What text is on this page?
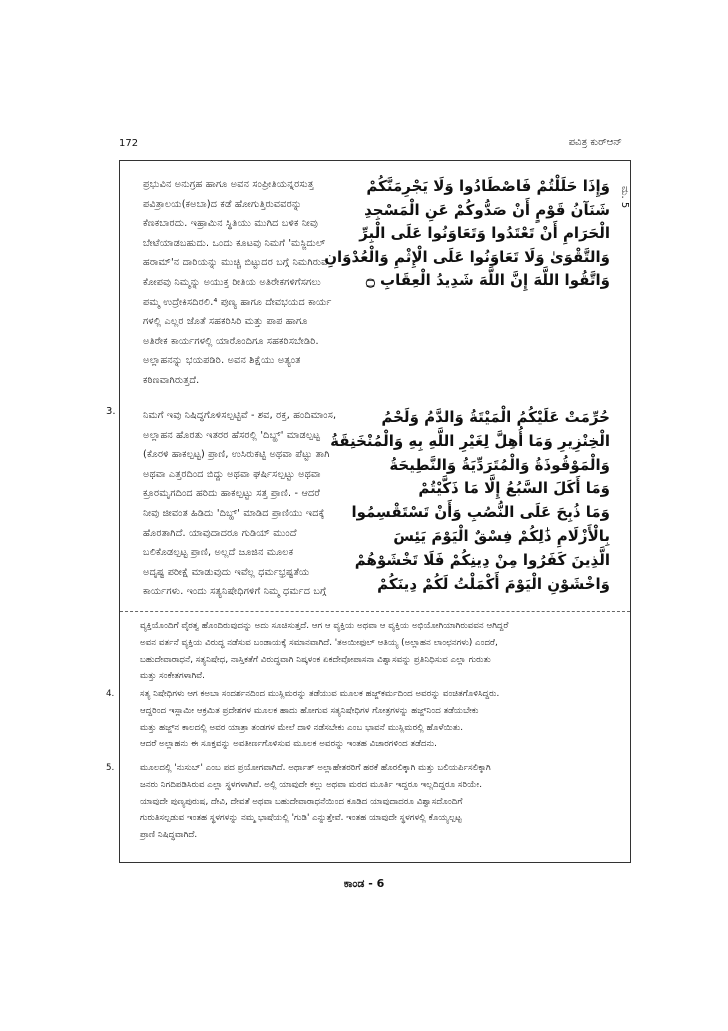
172	ಪವಿತ್ರ ಕುರ್‌ಆನ್
ಪ್ರಭುವಿನ ಅನುಗ್ರಹ ಹಾಗೂ ಅವನ ಸಂಪ್ರೀತಿಯನ್ನರಸುತ್ತ
ಪವಿತ್ರಾಲಯ(ಕಅಬಾ)ದ ಕಡೆ ಹೋಗುತ್ತಿರುವವರನ್ನು
ಕೆಣಕಬಾರದು. ಇಹ್ರಾಮಿನ ಸ್ಥಿತಿಯು ಮುಗಿದ ಬಳಿಕ ನೀವು
ಬೇಟೆಯಾಡಬಹುದು. ಒಂದು ಕೂಟವು ನಿಮಗೆ 'ಮಸ್ಜಿದುಲ್
ಹರಾಮ್'ನ ದಾರಿಯನ್ನು ಮುಚ್ಚಿ ಬಿಟ್ಟುದರ ಬಗ್ಗೆ ನಿಮಗಿರುವ
ಕೋಪವು ನಿಮ್ಮನ್ನು ಅಯುಕ್ತ ರೀತಿಯ ಅತಿರೇಕಗಳಿಗೆಸಗಲು
ಪಮ್ಮ ಉದ್ರೇಕಿಸದಿರಲಿ.⁴ ಪುಣ್ಯ ಹಾಗೂ ದೇವಭಯದ ಕಾರ್ಯ
ಗಳಲ್ಲಿ ಎಲ್ಲರ ಜೊತೆ ಸಹಕರಿಸಿರಿ ಮತ್ತು ಪಾಪ ಹಾಗೂ
ಅತಿರೇಕ ಕಾರ್ಯಗಳಲ್ಲಿ ಯಾರೊಂದಿಗೂ ಸಹಕರಿಸಬೇಡಿರಿ.
ಅಲ್ಲಾಹನನ್ನು ಭಯಪಡಿರಿ. ಅವನ ಶಿಕ್ಷೆಯು ಅತ್ಯಂತ
ಕಠಿಣವಾಗಿರುತ್ತದೆ.
وَإِذَا حَلَلْتُمْ فَاصْطَادُوا وَلَا يَجْرِمَنَّكُمْ
شَنَآنُ قَوْمٍ أَنْ صَدُّوكُمْ عَنِ الْمَسْجِدِ
الْحَرَامِ أَنْ تَعْتَدُوا وَتَعَاوَنُوا عَلَى الْبِرِّ
وَالتَّقْوَىٰ وَلَا تَعَاوَنُوا عَلَى الْإِثْمِ وَالْعُدْوَانِ
وَاتَّقُوا اللَّهَ إِنَّ اللَّهَ شَدِيدُ الْعِقَابِ ۝
ಮ. 5
3.	ನಿಮಗೆ ಇವು ನಿಷಿದ್ಧಗೊಳಿಸಲ್ಪಟ್ಟಿವೆ - ಶವ, ರಕ್ತ, ಹಂದಿಮಾಂಸ,
ಅಲ್ಲಾಹನ ಹೊರತು ಇತರರ ಹೆಸರಲ್ಲಿ 'ದಿಬ್ಹ್' ಮಾಡಲ್ಪಟ್ಟ
(ಕೊರಳಿ ಹಾಕಲ್ಪಟ್ಟ) ಪ್ರಾಣಿ, ಉಸಿರುಕಟ್ಟಿ ಅಥವಾ ಪೆಟ್ಟು ತಾಗಿ
ಅಥವಾ ಎತ್ತರದಿಂದ ಬಿದ್ದು ಅಥವಾ ಘರ್ಷಿಸಲ್ಪಟ್ಟು ಅಥವಾ
ಕ್ರೂರಮೃಗದಿಂದ ಹರಿದು ಹಾಕಲ್ಪಟ್ಟು ಸತ್ತ ಪ್ರಾಣಿ. - ಆದರೆ
ನೀವು ಜೀವಂತ ಹಿಡಿದು 'ದಿಬ್ಹ್' ಮಾಡಿದ ಪ್ರಾಣಿಯು ಇದಕ್ಕೆ
ಹೊರತಾಗಿದೆ. ಯಾವುದಾದರೂ ಗುಡಿಯ್ ಮುಂದೆ
ಬಲಿಕೊಡಲ್ಪಟ್ಟ ಪ್ರಾಣಿ, ಅಲ್ಲದೆ ಜೂಜಿನ ಮೂಲಕ
ಅದೃಷ್ಟ ಪರೀಕ್ಷೆ ಮಾಡುವುದು ಇವೆಲ್ಲ ಧರ್ಮಭ್ರಷ್ಟತೆಯ
ಕಾರ್ಯಗಳು. ಇಂದು ಸತ್ಯನಿಷೇಧಿಗಳಿಗೆ ನಿಮ್ಮ ಧರ್ಮದ ಬಗ್ಗೆ
حُرِّمَتْ عَلَيْكُمُ الْمَيْتَةُ وَالدَّمُ وَلَحْمُ
الْخِنْزِيرِ وَمَا أُهِلَّ لِغَيْرِ اللَّهِ بِهِ وَالْمُنْخَنِقَةُ
وَالْمَوْقُوذَةُ وَالْمُتَرَدِّيَةُ وَالنَّطِيحَةُ
وَمَا أَكَلَ السَّبُعُ إِلَّا مَا ذَكَّيْتُمْ
وَمَا ذُبِحَ عَلَى النُّصُبِ وَأَنْ تَسْتَقْسِمُوا
بِالْأَزْلَامِ ذَٰلِكُمْ فِسْقٌ الْيَوْمَ يَئِسَ
الَّذِينَ كَفَرُوا مِنْ دِينِكُمْ فَلَا تَخْشَوْهُمْ
وَاخْشَوْنِ الْيَوْمَ أَكْمَلْتُ لَكُمْ دِينَكُمْ
ವ್ಯಕ್ತಿಯೊಂದಿಗೆ ವೈರತ್ವ ಹೊಂದಿರುವುದನ್ನು ಅದು ಸೂಚಿಸುತ್ತದೆ. ಆಗ ಆ ವ್ಯಕ್ತಿಯ ಅಥವಾ ಆ ವ್ಯಕ್ತಿಯ ಅಭಿಯೋಗಿಯಾಗಿರುವವನ ಆಗಿದ್ದರೆ
ಅವನ ವರ್ತನೆ ವ್ಯಕ್ತಿಯ ವಿರುದ್ಧ ನಡೆಸುವ ಬಂಡಾಯಕ್ಕೆ ಸಮಾನವಾಗಿದೆ. 'ತಅಯೀಫುಲ್ ಆತಿಯ್ಯ (ಅಲ್ಲಾಹನ ಲಾಂಛನಗಳು) ಎಂದರೆ,
ಬಹುದೇವಾರಾಧನೆ, ಸತ್ಯನಿಷೇಧ, ನಾಸ್ತಿಕತೆಗೆ ವಿರುದ್ಧವಾಗಿ ನಿಷ್ಕಳಂಕ ಏಕದೇವೋಪಾಸನಾ ವಿಶ್ವಾಸವನ್ನು ಪ್ರತಿನಿಧಿಸುವ ಎಲ್ಲಾ ಗುರುತು
ಮತ್ತು ಸಂಕೇತಗಳಾಗಿವೆ.
4.	ಸತ್ಯ ನಿಷೇಧಿಗಳು ಆಗ ಕಅಬಾ ಸಂದರ್ಶನದಿಂದ ಮುಸ್ಲಿಮರನ್ನು ತಡೆಯುವ ಮೂಲಕ ಹಜ್ಜ್‌ಕರ್ಮದಿಂದ ಅವರನ್ನು ವಂಚಿತಗೊಳಿಸಿದ್ದರು.
ಆದ್ದರಿಂದ ಇಸ್ಲಾಮೀ ಆಕ್ರಮಿತ ಪ್ರದೇಶಗಳ ಮೂಲಕ ಹಾದು ಹೋಗುವ ಸತ್ಯನಿಷೇಧಿಗಳ ಗೋತ್ರಗಳನ್ನು ಹಜ್ಜ್‌ನಿಂದ ತಡೆಯಬೇಕು
ಮತ್ತು ಹಜ್ಜ್‌ನ ಕಾಲದಲ್ಲಿ ಅವರ ಯಾತ್ರಾ ತಂಡಗಳ ಮೇಲೆ ದಾಳಿ ನಡೆಸಬೇಕು ಎಂಬ ಭಾವನೆ ಮುಸ್ಲಿಮರಲ್ಲಿ ಹೊಳೆಯಿತು.
ಆದರೆ ಅಲ್ಲಾಹನು ಈ ಸೂಕ್ತವನ್ನು ಅವತೀರ್ಣಗೊಳಿಸುವ ಮೂಲಕ ಅವರನ್ನು ಇಂತಹ ವಿಚಾರಗಳಿಂದ ತಡೆದನು.
5.	ಮೂಲದಲ್ಲಿ 'ನುಸುಬ್' ಎಂಬ ಪದ ಪ್ರಯೋಗವಾಗಿದೆ. ಅರ್ಥಾತ್ ಅಲ್ಲಾಹೇತರರಿಗೆ ಹರಕೆ ಹೊರಲಿಕ್ಕಾಗಿ ಮತ್ತು ಬಲಿಯರ್ಪಿಸಲಿಕ್ಕಾಗಿ
ಜನರು ನಿಗದಿಪಡಿಸಿರುವ ಎಲ್ಲಾ ಸ್ಥಳಗಳಾಗಿವೆ. ಅಲ್ಲಿ ಯಾವುದೇ ಕಲ್ಲು ಅಥವಾ ಮರದ ಮೂರ್ತಿ ಇದ್ದರೂ ಇಲ್ಲದಿದ್ದರೂ ಸರಿಯೇ.
ಯಾವುದೇ ಪುಣ್ಯಪುರುಷ, ದೇವಿ, ದೇವತೆ ಅಥವಾ ಬಹುದೇವಾರಾಧನೆಯಿಂದ ಕೂಡಿದ ಯಾವುದಾದರೂ ವಿಶ್ವಾಸದೊಂದಿಗೆ
ಗುರುತಿಸಲ್ಪಡುವ ಇಂತಹ ಸ್ಥಳಗಳನ್ನು ನಮ್ಮ ಭಾಷೆಯಲ್ಲಿ 'ಗುಡಿ' ಎನ್ನುತ್ತೇವೆ. ಇಂತಹ ಯಾವುದೇ ಸ್ಥಳಗಳಲ್ಲಿ ಕೊಯ್ಯಲ್ಪಟ್ಟ
ಪ್ರಾಣಿ ನಿಷಿದ್ಧವಾಗಿದೆ.
ಕಾಂಡ - 6
